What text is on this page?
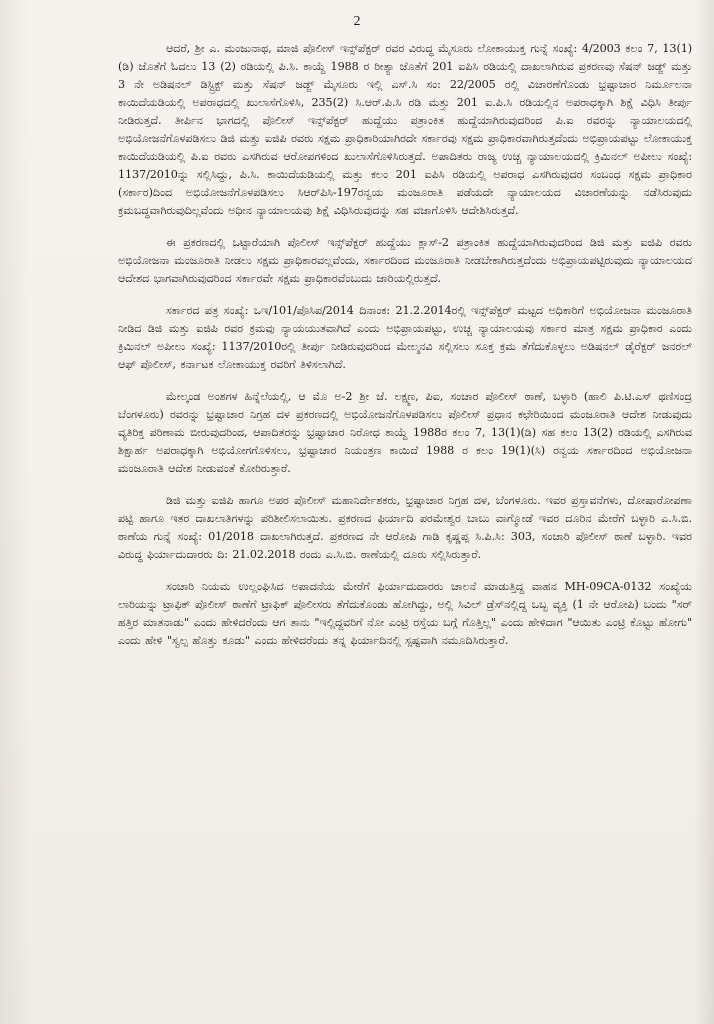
2

ಆದರೆ, ಶ್ರೀ ಎ. ಮಂಜುನಾಥ, ಮಾಜಿ ಪೊಲೀಸ್ ಇನ್ಸ್‌ಪೆಕ್ಟರ್ ರವರ ವಿರುದ್ಧ ಮೈಸೂರು ಲೋಕಾಯುಕ್ತ ಗುನ್ನೆ ಸಂಖ್ಯೆ: 4/2003 ಕಲಂ 7, 13(1)(ಡಿ) ಜೊತೆಗೆ ಓದಲು 13 (2) ರಡಿಯಲ್ಲಿ ಪಿ.ಸಿ. ಕಾಯ್ದೆ 1988 ರ ರೀತ್ಯಾ ಜೊತೆಗೆ 201 ಐಪಿಸಿ ರಡಿಯಲ್ಲಿ ದಾಖಲಾಗಿರುವ ಪ್ರಕರಣವು ಸೆಷನ್ ಜಡ್ಜ್ ಮತ್ತು 3 ನೇ ಅಡಿಷನಲ್ ಡಿಸ್ಟ್ರಿಕ್ಟ್ ಮತ್ತು ಸೆಷನ್ ಜಡ್ಜ್ ಮೈಸೂರು ಇಲ್ಲಿ ಎಸ್.ಸಿ ಸಂ: 22/2005 ರಲ್ಲಿ ವಿಚಾರಣೆಗೊಂಡು ಭ್ರಷ್ಟಾಚಾರ ನಿರ್ಮೂಲನಾ ಕಾಯಿದೆಯಡಿಯಲ್ಲಿ ಅಪರಾಧದಲ್ಲಿ ಖುಲಾಸೆಗೊಳಿಸಿ, 235(2) ಸಿ.ಆರ್.ಪಿ.ಸಿ ರಡಿ ಮತ್ತು 201 ಐ.ಪಿ.ಸಿ ರಡಿಯಲ್ಲಿನ ಅಪರಾಧಕ್ಕಾಗಿ ಶಿಕ್ಷೆ ವಿಧಿಸಿ ತೀರ್ಪು ನೀಡಿರುತ್ತದೆ. ತೀರ್ಪಿನ ಭಾಗದಲ್ಲಿ ಪೊಲೀಸ್ ಇನ್ಸ್‌ಪೆಕ್ಟರ್ ಹುದ್ದೆಯು ಪತ್ರಾಂಕಿತ ಹುದ್ದೆಯಾಗಿರುವುದರಿಂದ ಪಿ.ಐ ರವರನ್ನು ನ್ಯಾಯಾಲಯದಲ್ಲಿ ಅಭಿಯೋಜನೆಗೊಳಪಡಿಸಲು ಡಿಜಿ ಮತ್ತು ಐಜಿಪಿ ರವರು ಸಕ್ಷಮ ಪ್ರಾಧಿಕಾರಿಯಾಗಿರದೇ ಸರ್ಕಾರವು ಸಕ್ಷಮ ಪ್ರಾಧಿಕಾರವಾಗಿರುತ್ತದೆಂದು ಅಭಿಪ್ರಾಯಪಟ್ಟು ಲೋಕಾಯುಕ್ತ ಕಾಯಿದೆಯಡಿಯಲ್ಲಿ ಪಿ.ಐ ರವರು ಎಸಗಿರುವ ಆರೋಪಗಳಿಂದ ಖುಲಾಸೆಗೊಳಿಸಿರುತ್ತದೆ. ಅಪಾದಿತರು ರಾಜ್ಯ ಉಚ್ಚ ನ್ಯಾಯಾಲಯದಲ್ಲಿ ಕ್ರಿಮಿನಲ್ ಅಪೀಲು ಸಂಖ್ಯೆ: 1137/2010ನ್ನು ಸಲ್ಲಿಸಿದ್ದು, ಪಿ.ಸಿ. ಕಾಯಿದೆಯಡಿಯಲ್ಲಿ ಮತ್ತು ಕಲಂ 201 ಐಪಿಸಿ ರಡಿಯಲ್ಲಿ ಅಪರಾಧ ಎಸಗಿರುವುದರ ಸಂಬಂಧ ಸಕ್ಷಮ ಪ್ರಾಧಿಕಾರ (ಸರ್ಕಾರ)ದಿಂದ ಅಭಿಯೋಜನೆಗೊಳಪಡಿಸಲು ಸಿಆರ್‌ಪಿಸಿ-197ರನ್ವಯ ಮಂಜೂರಾತಿ ಪಡೆಯದೇ ನ್ಯಾಯಾಲಯದ ವಿಚಾರಣೆಯನ್ನು ನಡೆಸಿರುವುದು ಕ್ರಮಬದ್ಧವಾಗಿರುವುದಿಲ್ಲವೆಂದು ಅಧೀನ ನ್ಯಾಯಾಲಯವು ಶಿಕ್ಷೆ ವಿಧಿಸಿರುವುದನ್ನು ಸಹ ವಜಾಗೊಳಿಸಿ ಆದೇಶಿಸಿರುತ್ತದೆ.

ಈ ಪ್ರಕರಣದಲ್ಲಿ ಒಟ್ಟಾರೆಯಾಗಿ ಪೊಲೀಸ್ ಇನ್ಸ್‌ಪೆಕ್ಟರ್ ಹುದ್ದೆಯು ಕ್ಲಾಸ್-2 ಪತ್ರಾಂಕಿತ ಹುದ್ದೆಯಾಗಿರುವುದರಿಂದ ಡಿಜಿ ಮತ್ತು ಐಜಿಪಿ ರವರು ಅಭಿಯೋಜನಾ ಮಂಜೂರಾತಿ ನೀಡಲು ಸಕ್ಷಮ ಪ್ರಾಧಿಕಾರವಲ್ಲವೆಂದು, ಸರ್ಕಾರದಿಂದ ಮಂಜೂರಾತಿ ನೀಡಬೇಕಾಗಿರುತ್ತದೆಂದು ಅಭಿಪ್ರಾಯಪಟ್ಟಿರುವುದು ನ್ಯಾಯಾಲಯದ ಆದೇಶದ ಭಾಗವಾಗಿರುವುದರಿಂದ ಸರ್ಕಾರವೇ ಸಕ್ಷಮ ಪ್ರಾಧಿಕಾರವೆಂಬುದು ಜಾರಿಯಲ್ಲಿರುತ್ತದೆ.

ಸರ್ಕಾರದ ಪತ್ರ ಸಂಖ್ಯೆ: ಒಇ/101/ಪೊಸಿಪ/2014 ದಿನಾಂಕ: 21.2.2014ರಲ್ಲಿ ಇನ್ಸ್‌ಪೆಕ್ಟರ್ ಮಟ್ಟದ ಅಧಿಕಾರಿಗೆ ಅಭಿಯೋಜನಾ ಮಂಜೂರಾತಿ ನೀಡಿದ ಡಿಜಿ ಮತ್ತು ಐಜಿಪಿ ರವರ ಕ್ರಮವು ನ್ಯಾಯಯುತವಾಗಿದೆ ಎಂದು ಅಭಿಪ್ರಾಯಪಟ್ಟು, ಉಚ್ಚ ನ್ಯಾಯಾಲಯವು ಸರ್ಕಾರ ಮಾತ್ರ ಸಕ್ಷಮ ಪ್ರಾಧಿಕಾರ ಎಂದು ಕ್ರಿಮಿನಲ್ ಅಪೀಲು ಸಂಖ್ಯೆ: 1137/2010ರಲ್ಲಿ ತೀರ್ಪು ನೀಡಿರುವುದರಿಂದ ಮೇಲ್ಮನವಿ ಸಲ್ಲಿಸಲು ಸೂಕ್ತ ಕ್ರಮ ತೆಗೆದುಕೊಳ್ಳಲು ಅಡಿಷನಲ್ ಡೈರೆಕ್ಟರ್ ಜನರಲ್ ಆಫ್ ಪೊಲೀಸ್, ಕರ್ನಾಟಕ ಲೋಕಾಯುಕ್ತ ರವರಿಗೆ ತಿಳಿಸಲಾಗಿದೆ.

ಮೇಲ್ಕಂಡ ಅಂಶಗಳ ಹಿನ್ನೆಲೆಯಲ್ಲಿ, ಆ ಮೊ ಅ-2 ಶ್ರೀ ಜೆ. ಲಕ್ಷ್ಮಣ, ಪಿಐ, ಸಂಚಾರ ಪೊಲೀಸ್ ಠಾಣೆ, ಬಳ್ಳಾರಿ (ಹಾಲಿ ಪಿ.ಟಿ.ಎಸ್ ಥಣಿಸಂದ್ರ ಬೆಂಗಳೂರು) ರವರನ್ನು ಭ್ರಷ್ಟಾಚಾರ ನಿಗ್ರಹ ದಳ ಪ್ರಕರಣದಲ್ಲಿ ಅಭಿಯೋಜನೆಗೊಳಪಡಿಸಲು ಪೊಲೀಸ್ ಪ್ರಧಾನ ಕಛೇರಿಯಿಂದ ಮಂಜೂರಾತಿ ಆದೇಶ ನೀಡುವುದು ವ್ಯತಿರಿಕ್ತ ಪರಿಣಾಮ ಬೀರುವುದರಿಂದ, ಆಪಾದಿತರನ್ನು ಭ್ರಷ್ಟಾಚಾರ ನಿರೋಧ ಕಾಯ್ದೆ 1988ರ ಕಲಂ 7, 13(1)(ಡಿ) ಸಹ ಕಲಂ 13(2) ರಡಿಯಲ್ಲಿ ಎಸಗಿರುವ ಶಿಕ್ಷಾರ್ಹ ಅಪರಾಧಕ್ಕಾಗಿ ಅಭಿಯೋಗಗೊಳಿಸಲು, ಭ್ರಷ್ಟಾಚಾರ ನಿಯಂತ್ರಣ ಕಾಯಿದೆ 1988 ರ ಕಲಂ 19(1)(ಸಿ) ರನ್ವಯ ಸರ್ಕಾರದಿಂದ ಅಭಿಯೋಜನಾ ಮಂಜೂರಾತಿ ಆದೇಶ ನೀಡುವಂತೆ ಕೋರಿರುತ್ತಾರೆ.

ಡಿಜಿ ಮತ್ತು ಐಜಿಪಿ ಹಾಗೂ ಅಪರ ಪೊಲೀಸ್ ಮಹಾನಿರ್ದೇಶಕರು, ಭ್ರಷ್ಟಾಚಾರ ನಿಗ್ರಹ ದಳ, ಬೆಂಗಳೂರು. ಇವರ ಪ್ರಸ್ತಾವನೆಗಳು, ದೋಷಾರೋಪಣಾ ಪಟ್ಟಿ ಹಾಗೂ ಇತರ ದಾಖಲಾತಿಗಳನ್ನು ಪರಿಶೀಲಿಸಲಾಯಿತು. ಪ್ರಕರಣದ ಫಿರ್ಯಾದಿ ಪರಮೇಶ್ವರ ಬಾಬು ವಾಗ್ಮೋಡೆ ಇವರ ದೂರಿನ ಮೇರೆಗೆ ಬಳ್ಳಾರಿ ಎ.ಸಿ.ಬಿ. ಠಾಣೆಯ ಗುನ್ನೆ ಸಂಖ್ಯೆ: 01/2018 ದಾಖಲಾಗಿರುತ್ತದೆ. ಪ್ರಕರಣದ ನೇ ಆರೋಪಿ ಗಾಡಿ ಕೃಷ್ಣಪ್ಪ ಸಿ.ಪಿ.ಸಿ: 303, ಸಂಚಾರಿ ಪೊಲೀಸ್ ಠಾಣೆ ಬಳ್ಳಾರಿ. ಇವರ ವಿರುದ್ಧ ಫಿರ್ಯಾದುದಾರರು ದಿ: 21.02.2018 ರಂದು ಎ.ಸಿ.ಬಿ. ಠಾಣೆಯಲ್ಲಿ ದೂರು ಸಲ್ಲಿಸಿರುತ್ತಾರೆ.

ಸಂಚಾರಿ ನಿಯಮ ಉಲ್ಲಂಘಿಸಿದ ಅಪಾದನೆಯ ಮೇರೆಗೆ ಫಿರ್ಯಾದುದಾರರು ಚಾಲನೆ ಮಾಡುತ್ತಿದ್ದ ವಾಹನ MH-09CA-0132 ಸಂಖ್ಯೆಯ ಲಾರಿಯನ್ನು ಟ್ರಾಫಿಕ್ ಪೊಲೀಸ್ ಠಾಣೆಗೆ ಟ್ರಾಫಿಕ್ ಪೊಲೀಸರು ತೆಗೆದುಕೊಂಡು ಹೋಗಿದ್ದು, ಅಲ್ಲಿ ಸಿವಿಲ್ ಡ್ರೆಸ್‌ನಲ್ಲಿದ್ದ ಒಬ್ಬ ವ್ಯಕ್ತಿ (1 ನೇ ಆರೋಪಿ) ಬಂದು "ಸರ್ ಹತ್ತಿರ ಮಾತನಾಡು" ಎಂದು ಹೇಳಿದರೆಂದು ಆಗ ತಾನು "ಇಲ್ಲಿದ್ದವರಿಗೆ ನೋ ಎಂಟ್ರಿ ರಸ್ತೆಯ ಬಗ್ಗೆ ಗೊತ್ತಿಲ್ಲ" ಎಂದು ಹೇಳಿದಾಗ "ಆಯಿತು ಎಂಟ್ರಿ ಕೊಟ್ಟು ಹೋಗು" ಎಂದು ಹೇಳಿ "ಸ್ವಲ್ಪ ಹೊತ್ತು ಕೂಡು" ಎಂದು ಹೇಳಿದರೆಂದು ತನ್ನ ಫಿರ್ಯಾದಿನಲ್ಲಿ ಸ್ಪಷ್ಟವಾಗಿ ನಮೂದಿಸಿರುತ್ತಾರೆ.
